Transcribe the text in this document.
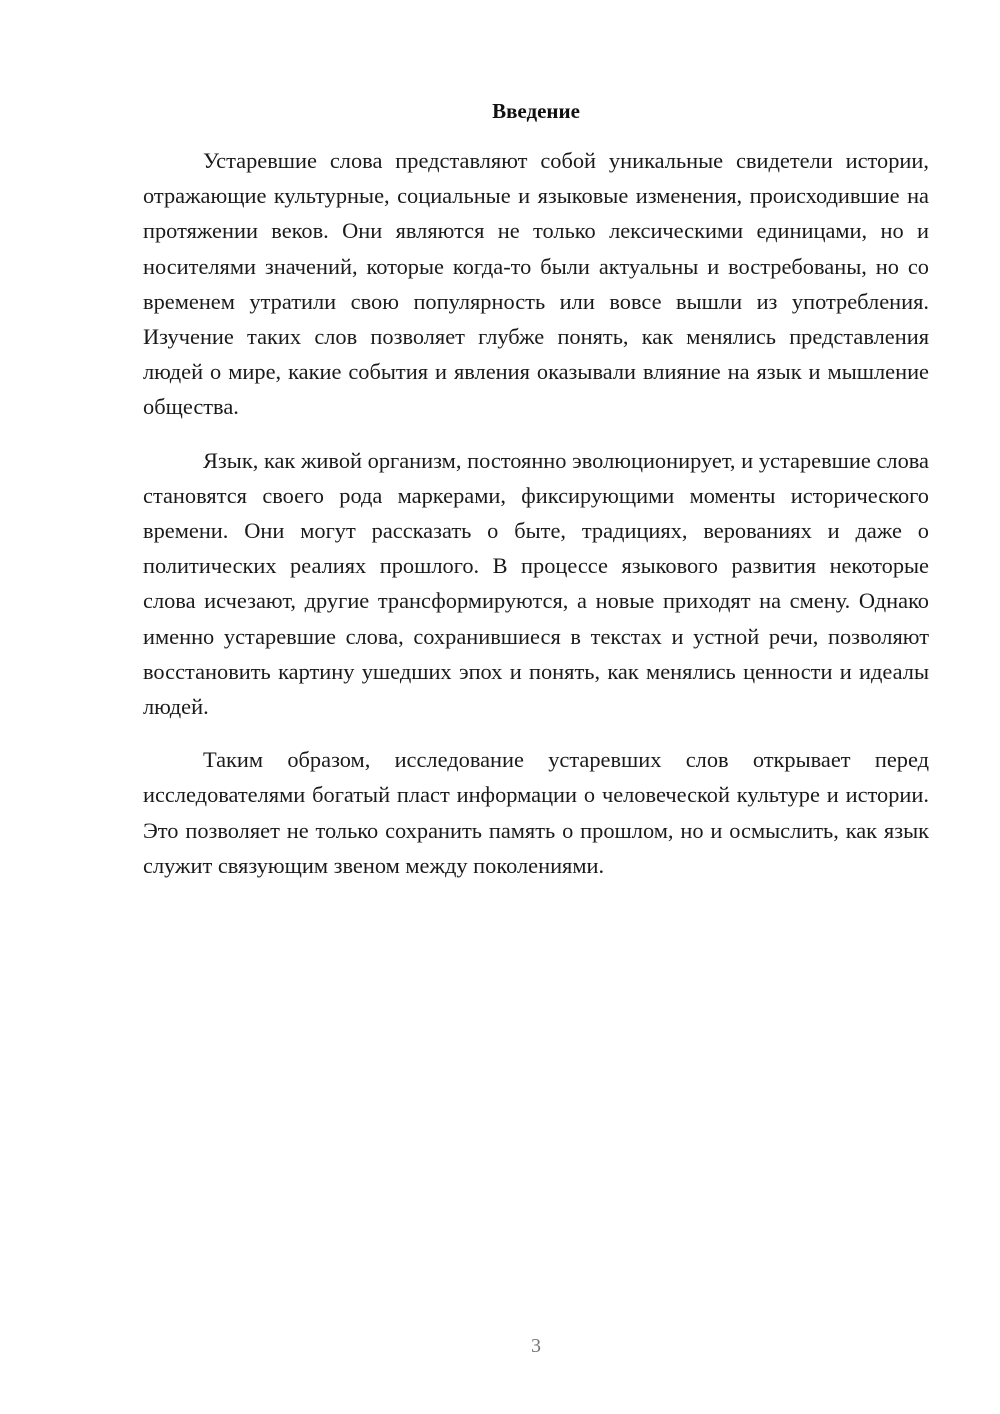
Введение

Устаревшие слова представляют собой уникальные свидетели истории, отражающие культурные, социальные и языковые изменения, происходившие на протяжении веков. Они являются не только лексическими единицами, но и носителями значений, которые когда-то были актуальны и востребованы, но со временем утратили свою популярность или вовсе вышли из употребления. Изучение таких слов позволяет глубже понять, как менялись представления людей о мире, какие события и явления оказывали влияние на язык и мышление общества.

Язык, как живой организм, постоянно эволюционирует, и устаревшие слова становятся своего рода маркерами, фиксирующими моменты исторического времени. Они могут рассказать о быте, традициях, верованиях и даже о политических реалиях прошлого. В процессе языкового развития некоторые слова исчезают, другие трансформируются, а новые приходят на смену. Однако именно устаревшие слова, сохранившиеся в текстах и устной речи, позволяют восстановить картину ушедших эпох и понять, как менялись ценности и идеалы людей.

Таким образом, исследование устаревших слов открывает перед исследователями богатый пласт информации о человеческой культуре и истории. Это позволяет не только сохранить память о прошлом, но и осмыслить, как язык служит связующим звеном между поколениями.

3
